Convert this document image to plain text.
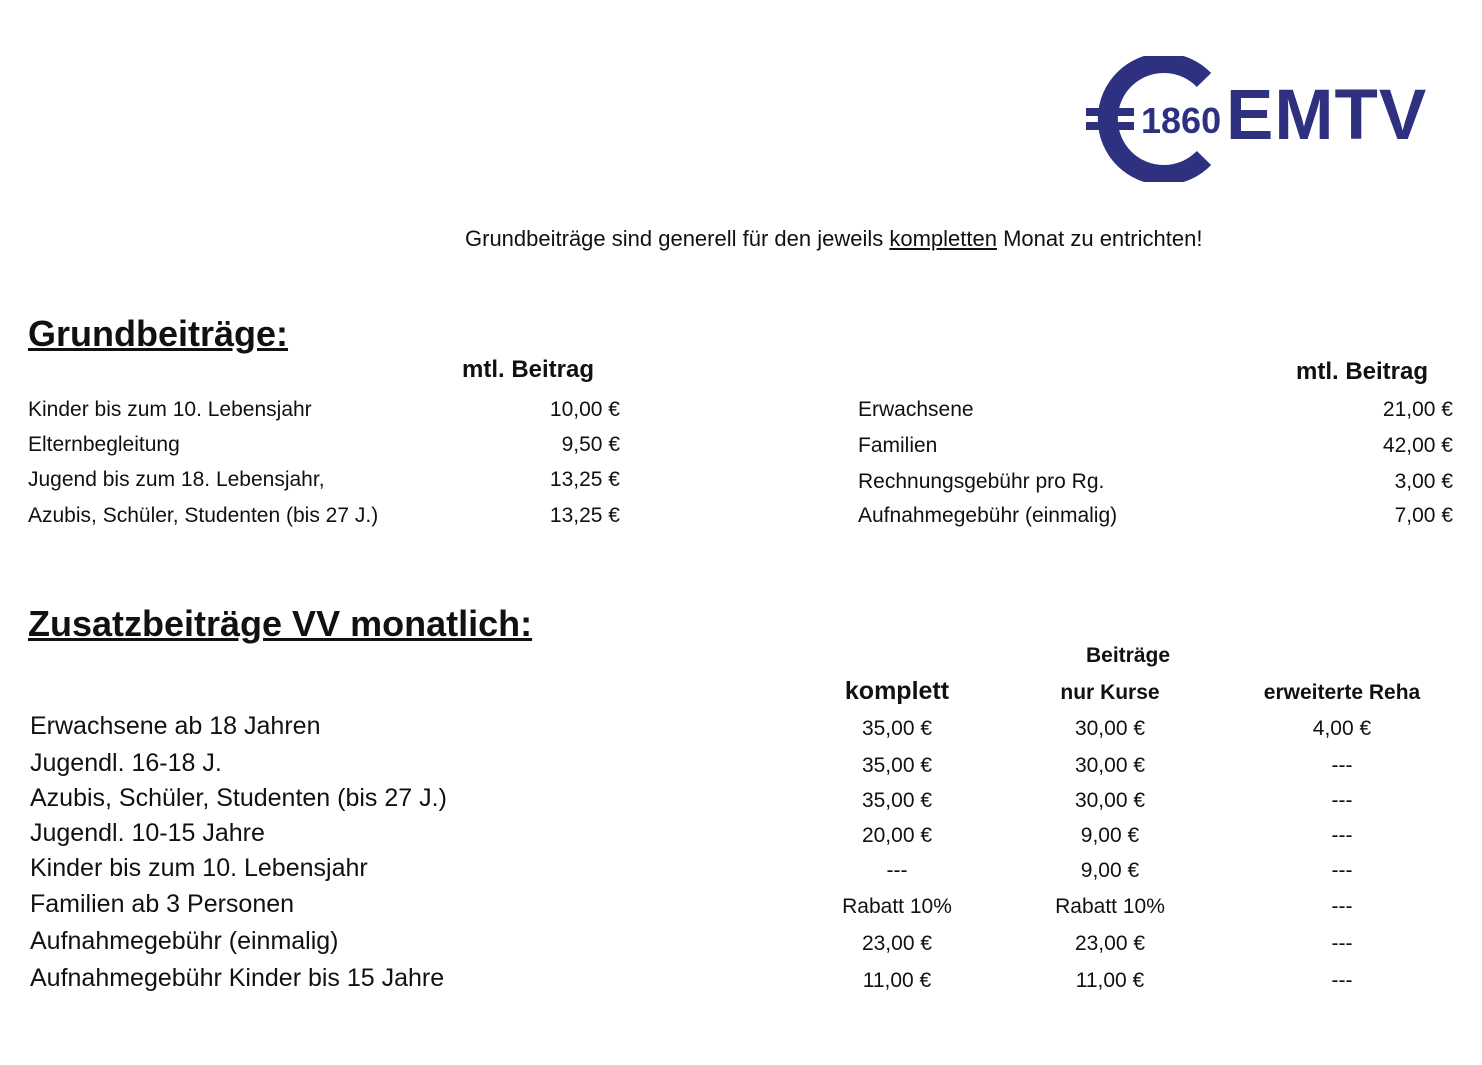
1860 EMTV
Grundbeiträge sind generell für den jeweils kompletten Monat zu entrichten!
Grundbeiträge:
mtl. Beitrag	mtl. Beitrag
Kinder bis zum 10. Lebensjahr	10,00 €
Elternbegleitung	9,50 €
Jugend bis zum 18. Lebensjahr,	13,25 €
Azubis, Schüler, Studenten (bis 27 J.)	13,25 €
Erwachsene	21,00 €
Familien	42,00 €
Rechnungsgebühr pro Rg.	3,00 €
Aufnahmegebühr (einmalig)	7,00 €
Zusatzbeiträge VV monatlich:
Beiträge
komplett	nur Kurse	erweiterte Reha
Erwachsene ab 18 Jahren	35,00 €	30,00 €	4,00 €
Jugendl. 16-18 J.	35,00 €	30,00 €	---
Azubis, Schüler, Studenten (bis 27 J.)	35,00 €	30,00 €	---
Jugendl. 10-15 Jahre	20,00 €	9,00 €	---
Kinder bis zum 10. Lebensjahr	---	9,00 €	---
Familien ab 3 Personen	Rabatt 10%	Rabatt 10%	---
Aufnahmegebühr (einmalig)	23,00 €	23,00 €	---
Aufnahmegebühr Kinder bis 15 Jahre	11,00 €	11,00 €	---
